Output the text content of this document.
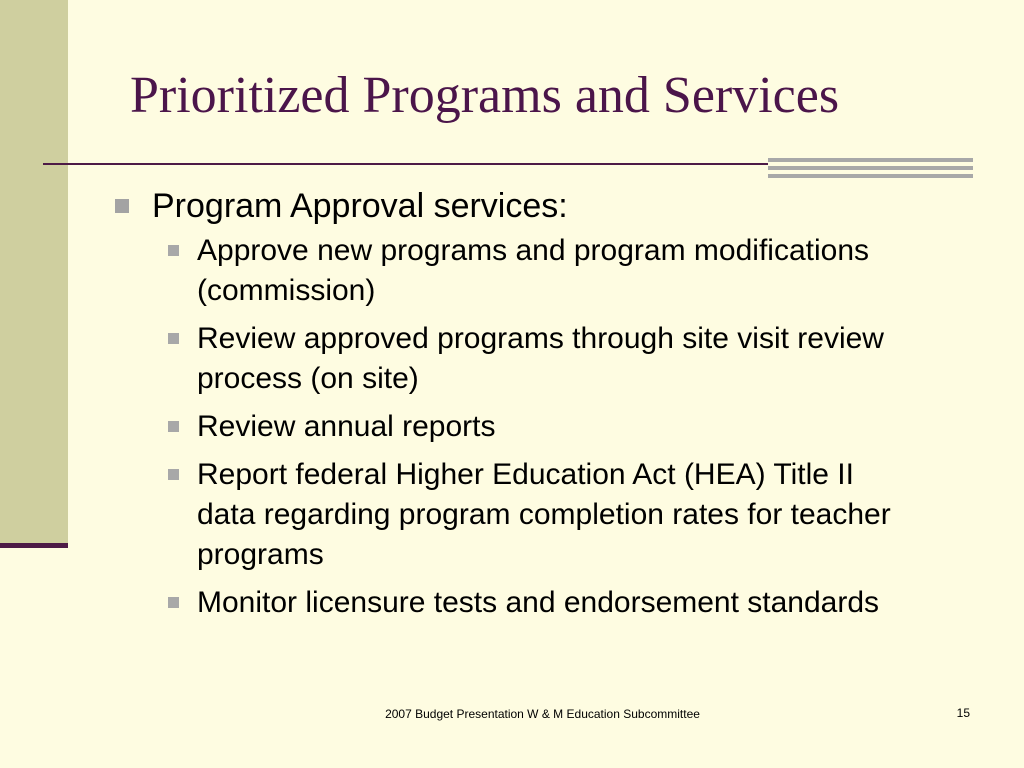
Prioritized Programs and Services
Program Approval services:
Approve new programs and program modifications (commission)
Review approved programs through site visit review process (on site)
Review annual reports
Report federal Higher Education Act (HEA) Title II data regarding program completion rates for teacher programs
Monitor licensure tests and endorsement standards
2007 Budget Presentation W & M Education Subcommittee	15
